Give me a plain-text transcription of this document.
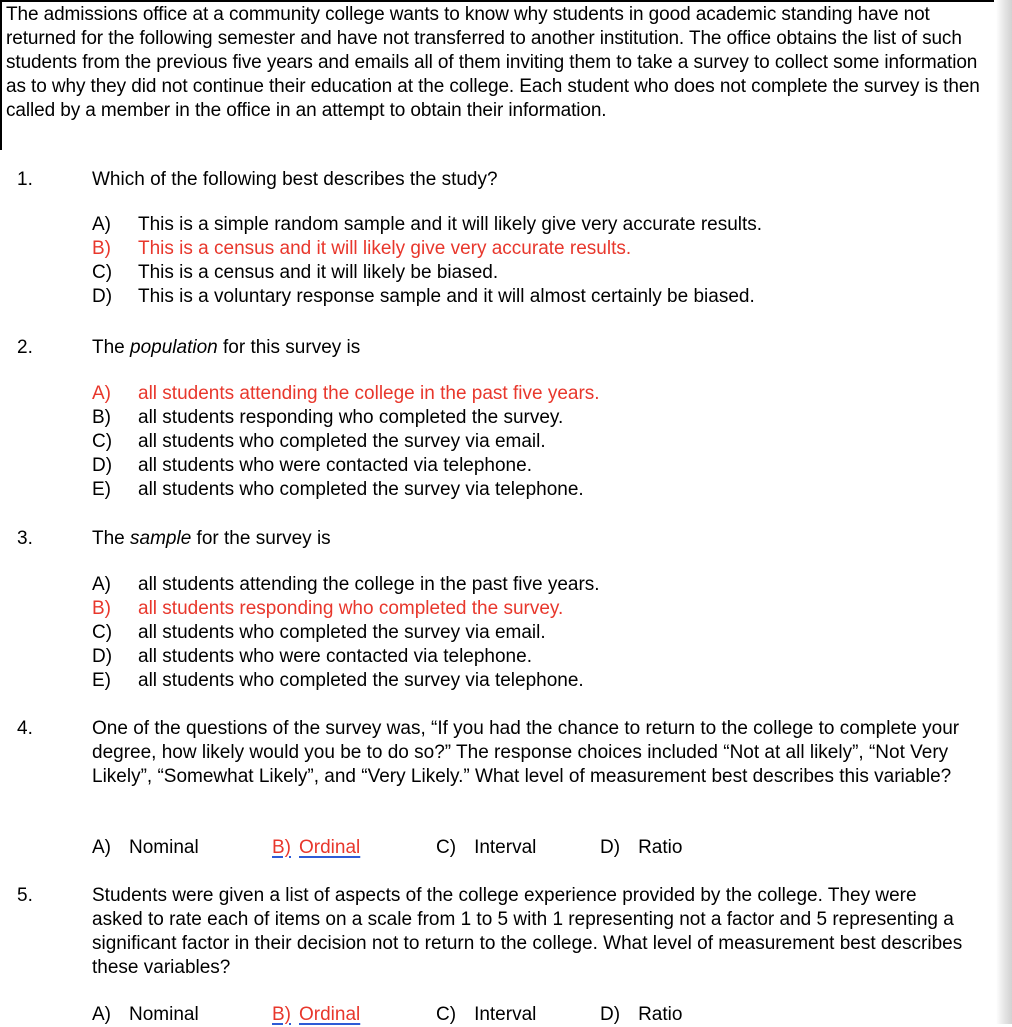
The admissions office at a community college wants to know why students in good academic standing have not returned for the following semester and have not transferred to another institution. The office obtains the list of such students from the previous five years and emails all of them inviting them to take a survey to collect some information as to why they did not continue their education at the college. Each student who does not complete the survey is then called by a member in the office in an attempt to obtain their information.

1.	Which of the following best describes the study?

A)	This is a simple random sample and it will likely give very accurate results.
B)	This is a census and it will likely give very accurate results.
C)	This is a census and it will likely be biased.
D)	This is a voluntary response sample and it will almost certainly be biased.
2.	The population for this survey is

A)	all students attending the college in the past five years.
B)	all students responding who completed the survey.
C)	all students who completed the survey via email.
D)	all students who were contacted via telephone.
E)	all students who completed the survey via telephone.
3.	The sample for the survey is

A)	all students attending the college in the past five years.
B)	all students responding who completed the survey.
C)	all students who completed the survey via email.
D)	all students who were contacted via telephone.
E)	all students who completed the survey via telephone.
4.	One of the questions of the survey was, “If you had the chance to return to the college to complete your degree, how likely would you be to do so?” The response choices included “Not at all likely”, “Not Very Likely”, “Somewhat Likely”, and “Very Likely.” What level of measurement best describes this variable?

A) Nominal	B) Ordinal	C) Interval	D) Ratio
5.	Students were given a list of aspects of the college experience provided by the college. They were asked to rate each of items on a scale from 1 to 5 with 1 representing not a factor and 5 representing a significant factor in their decision not to return to the college. What level of measurement best describes these variables?

A) Nominal	B) Ordinal	C) Interval	D) Ratio
